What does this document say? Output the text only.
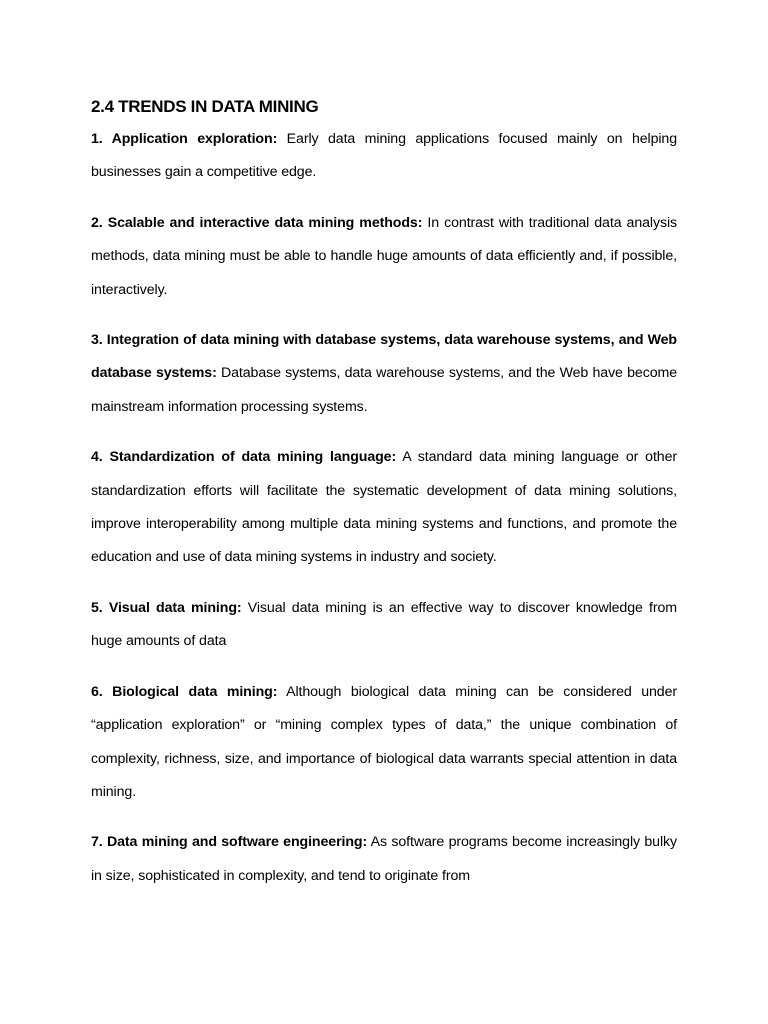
2.4 TRENDS IN DATA MINING

1. Application exploration: Early data mining applications focused mainly on helping businesses gain a competitive edge.

2. Scalable and interactive data mining methods: In contrast with traditional data analysis methods, data mining must be able to handle huge amounts of data efficiently and, if possible, interactively.

3. Integration of data mining with database systems, data warehouse systems, and Web database systems: Database systems, data warehouse systems, and the Web have become mainstream information processing systems.

4. Standardization of data mining language: A standard data mining language or other standardization efforts will facilitate the systematic development of data mining solutions, improve interoperability among multiple data mining systems and functions, and promote the education and use of data mining systems in industry and society.

5. Visual data mining: Visual data mining is an effective way to discover knowledge from huge amounts of data

6. Biological data mining: Although biological data mining can be considered under “application exploration” or “mining complex types of data,” the unique combination of complexity, richness, size, and importance of biological data warrants special attention in data mining.

7. Data mining and software engineering: As software programs become increasingly bulky in size, sophisticated in complexity, and tend to originate from
